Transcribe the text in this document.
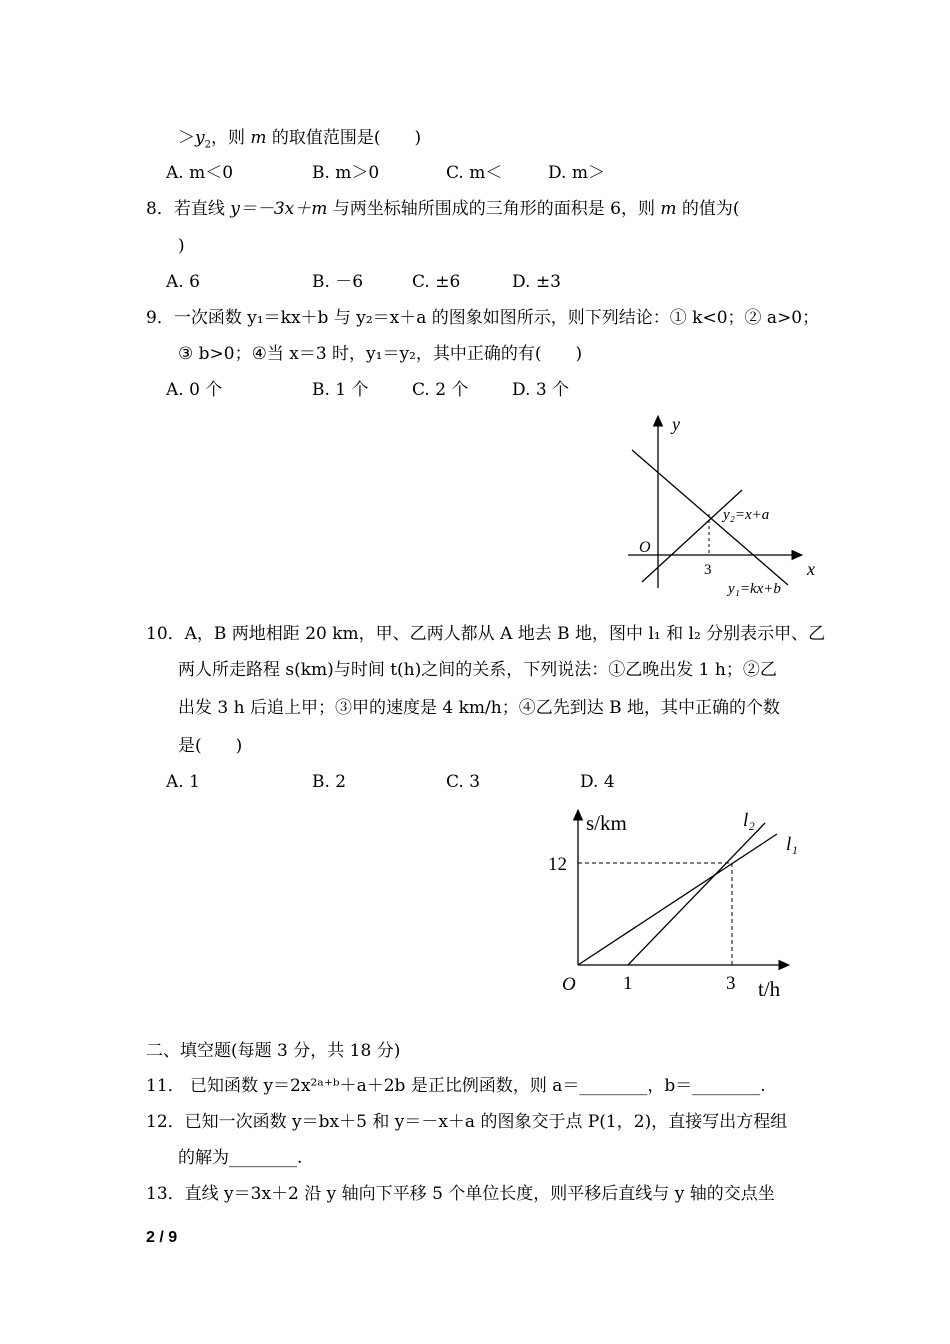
$>y_2$，则 m 的取值范围是(　　)
A. m＜0	B. m＞0	C. m＜	D. m＞
8．若直线 y＝－3x＋m 与两坐标轴所围成的三角形的面积是 6，则 m 的值为(
)
A. 6	B. －6	C. ±6	D. ±3
9．一次函数 y₁＝kx＋b 与 y₂＝x＋a 的图象如图所示，则下列结论：① k<0；② a>0；
③ b>0；④当 x＝3 时，y₁＝y₂，其中正确的有(　　)
A. 0 个	B. 1 个	C. 2 个	D. 3 个
y
x
O
3
y₂=x+a
y₁=kx+b
10．A，B 两地相距 20 km，甲、乙两人都从 A 地去 B 地，图中 l₁ 和 l₂ 分别表示甲、乙
两人所走路程 s(km)与时间 t(h)之间的关系，下列说法：①乙晚出发 1 h；②乙
出发 3 h 后追上甲；③甲的速度是 4 km/h；④乙先到达 B 地，其中正确的个数
是(　　)
A. 1	B. 2	C. 3	D. 4
s/km
t/h
O
12
1	3
l₂
l₁
二、填空题(每题 3 分，共 18 分)
11． 已知函数 y＝2x²ᵃ⁺ᵇ＋a＋2b 是正比例函数，则 a＝________，b＝________.
12．已知一次函数 y＝bx＋5 和 y＝－x＋a 的图象交于点 P(1，2)，直接写出方程组
的解为________.
13．直线 y＝3x＋2 沿 y 轴向下平移 5 个单位长度，则平移后直线与 y 轴的交点坐
2 / 9
